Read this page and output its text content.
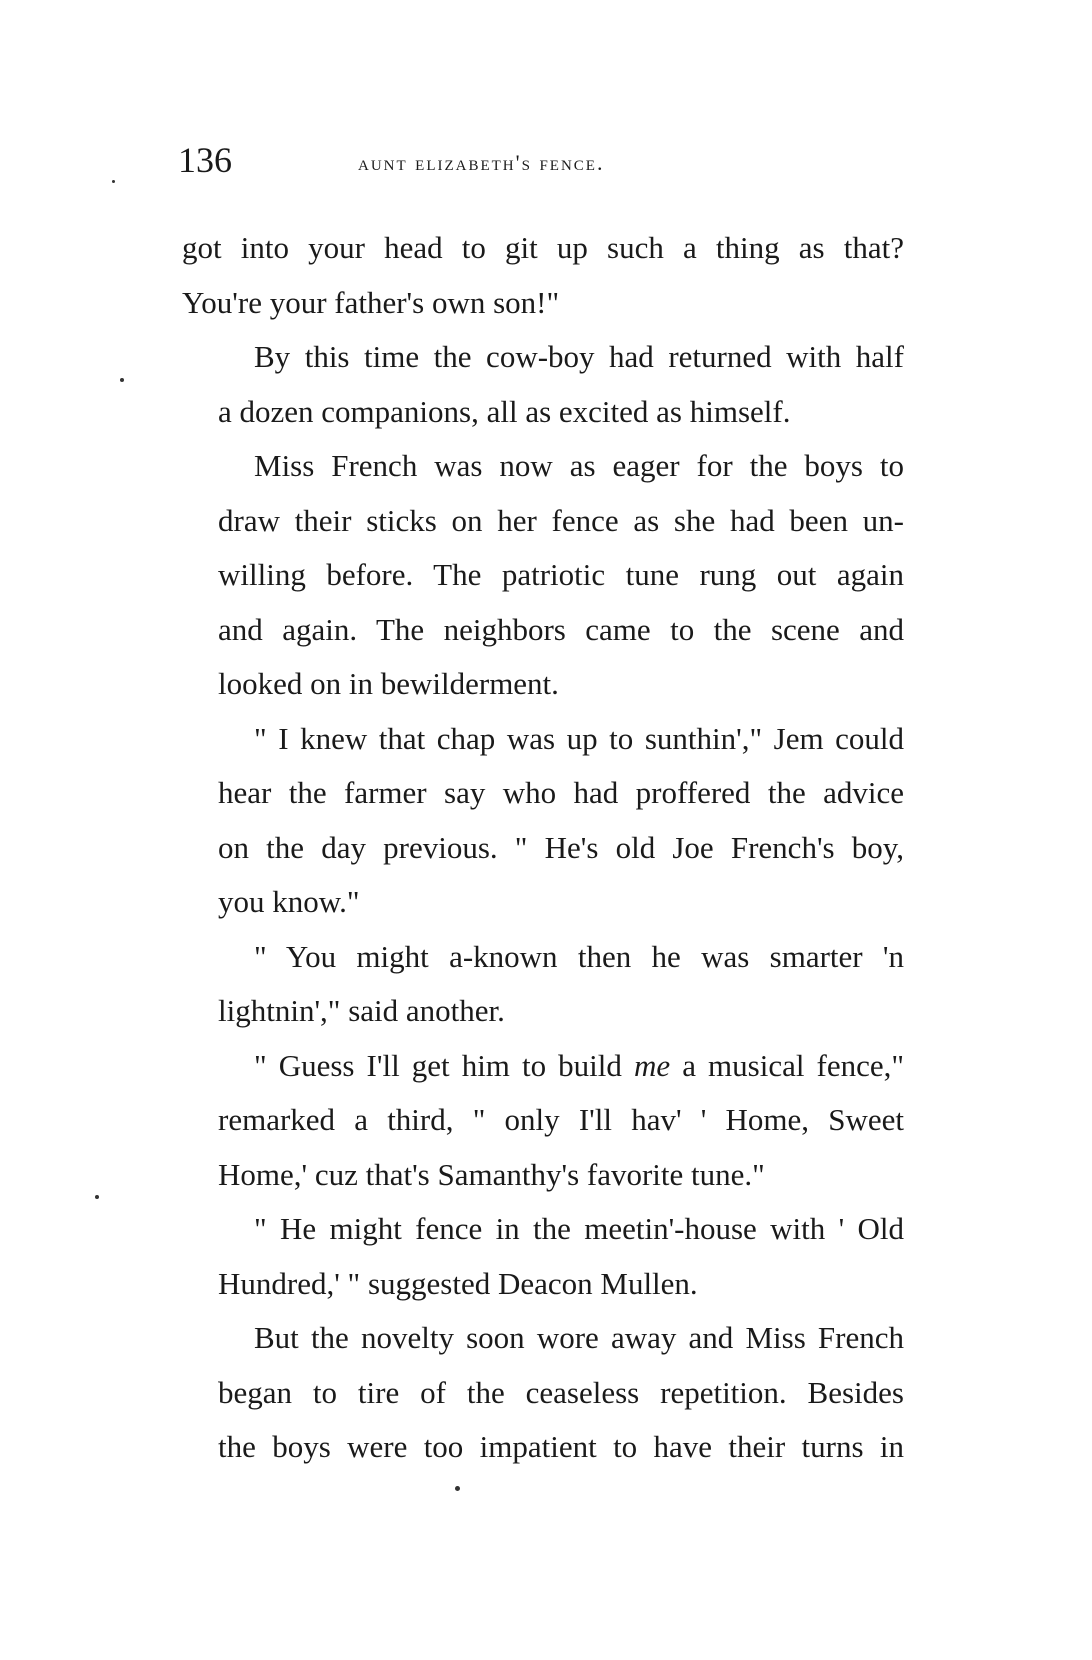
136	aunt elizabeth's fence.
got into your head to git up such a thing as that?
You're your father's own son!"
By this time the cow-boy had returned with half
a dozen companions, all as excited as himself.
Miss French was now as eager for the boys to
draw their sticks on her fence as she had been un-
willing before. The patriotic tune rung out again
and again. The neighbors came to the scene and
looked on in bewilderment.
" I knew that chap was up to sunthin'," Jem could
hear the farmer say who had proffered the advice
on the day previous. " He's old Joe French's boy,
you know."
" You might a-known then he was smarter 'n
lightnin'," said another.
" Guess I'll get him to build me a musical fence,"
remarked a third, " only I'll hav' ' Home, Sweet
Home,' cuz that's Samanthy's favorite tune."
" He might fence in the meetin'-house with ' Old
Hundred,' " suggested Deacon Mullen.
But the novelty soon wore away and Miss French
began to tire of the ceaseless repetition. Besides
the boys were too impatient to have their turns in
